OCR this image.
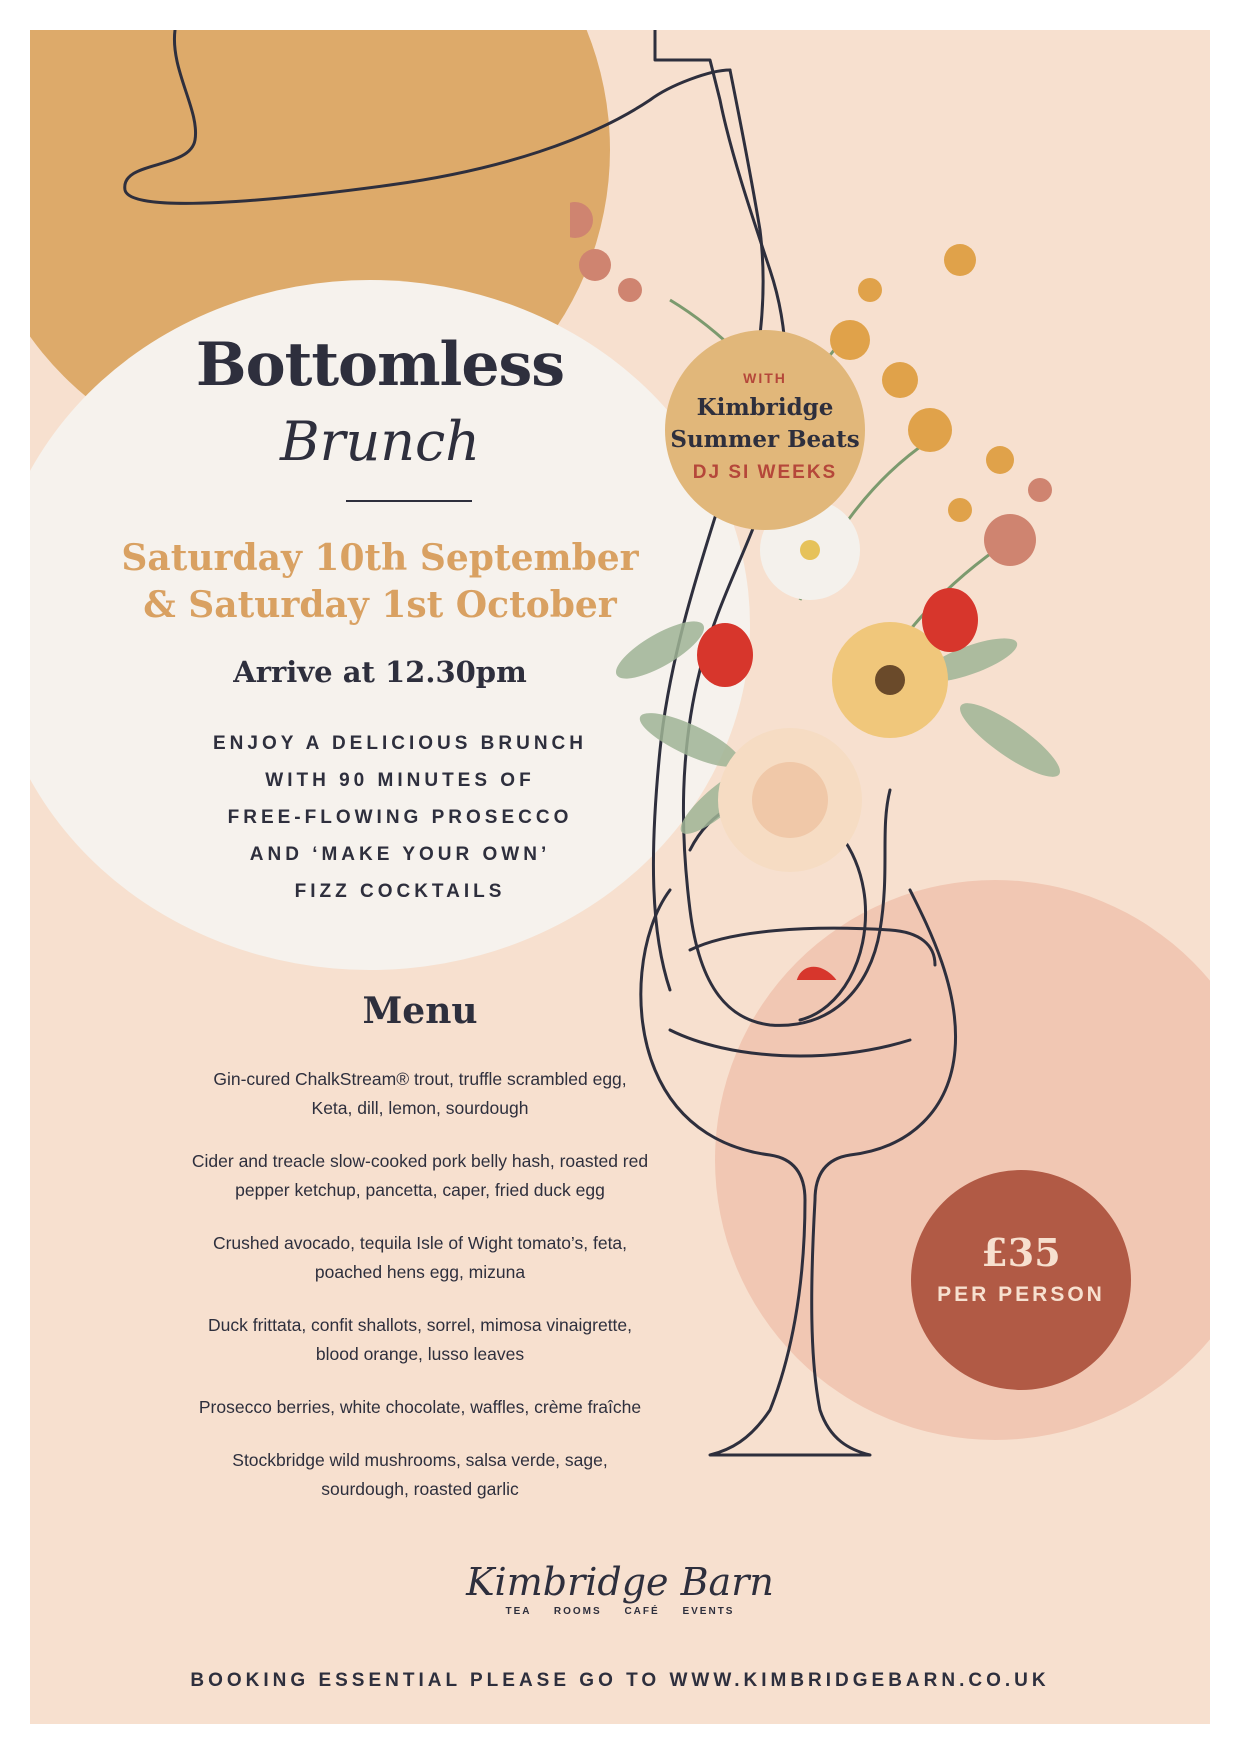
Bottomless
Brunch
Saturday 10th September
& Saturday 1st October
Arrive at 12.30pm
ENJOY A DELICIOUS BRUNCH
WITH 90 MINUTES OF
FREE-FLOWING PROSECCO
AND ‘MAKE YOUR OWN’
FIZZ COCKTAILS
WITH
Kimbridge
Summer Beats
DJ SI WEEKS
Menu
Gin-cured ChalkStream® trout, truffle scrambled egg,
Keta, dill, lemon, sourdough
Cider and treacle slow-cooked pork belly hash, roasted red
pepper ketchup, pancetta, caper, fried duck egg
Crushed avocado, tequila Isle of Wight tomato’s, feta,
poached hens egg, mizuna
Duck frittata, confit shallots, sorrel, mimosa vinaigrette,
blood orange, lusso leaves
Prosecco berries, white chocolate, waffles, crème fraîche
Stockbridge wild mushrooms, salsa verde, sage,
sourdough, roasted garlic
£35
PER PERSON
Kimbridge Barn
TEA ROOMS CAFÉ EVENTS
BOOKING ESSENTIAL PLEASE GO TO WWW.KIMBRIDGEBARN.CO.UK
